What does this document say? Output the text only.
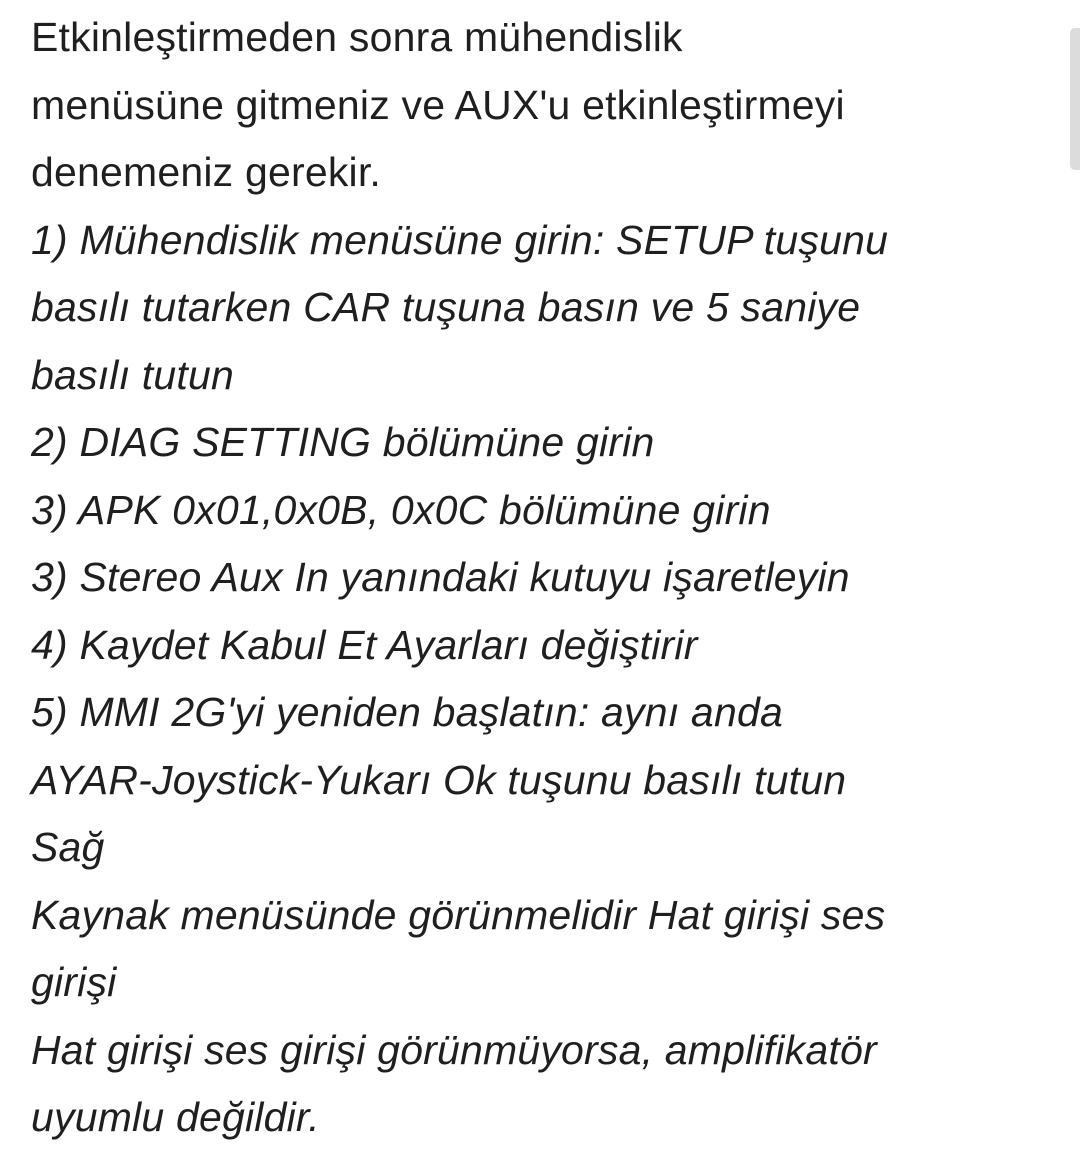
Etkinleştirmeden sonra mühendislik
menüsüne gitmeniz ve AUX'u etkinleştirmeyi
denemeniz gerekir.
1) Mühendislik menüsüne girin: SETUP tuşunu
basılı tutarken CAR tuşuna basın ve 5 saniye
basılı tutun
2) DIAG SETTING bölümüne girin
3) APK 0x01,0x0B, 0x0C bölümüne girin
3) Stereo Aux In yanındaki kutuyu işaretleyin
4) Kaydet Kabul Et Ayarları değiştirir
5) MMI 2G'yi yeniden başlatın: aynı anda
AYAR-Joystick-Yukarı Ok tuşunu basılı tutun
Sağ
Kaynak menüsünde görünmelidir Hat girişi ses
girişi
Hat girişi ses girişi görünmüyorsa, amplifikatör
uyumlu değildir.
